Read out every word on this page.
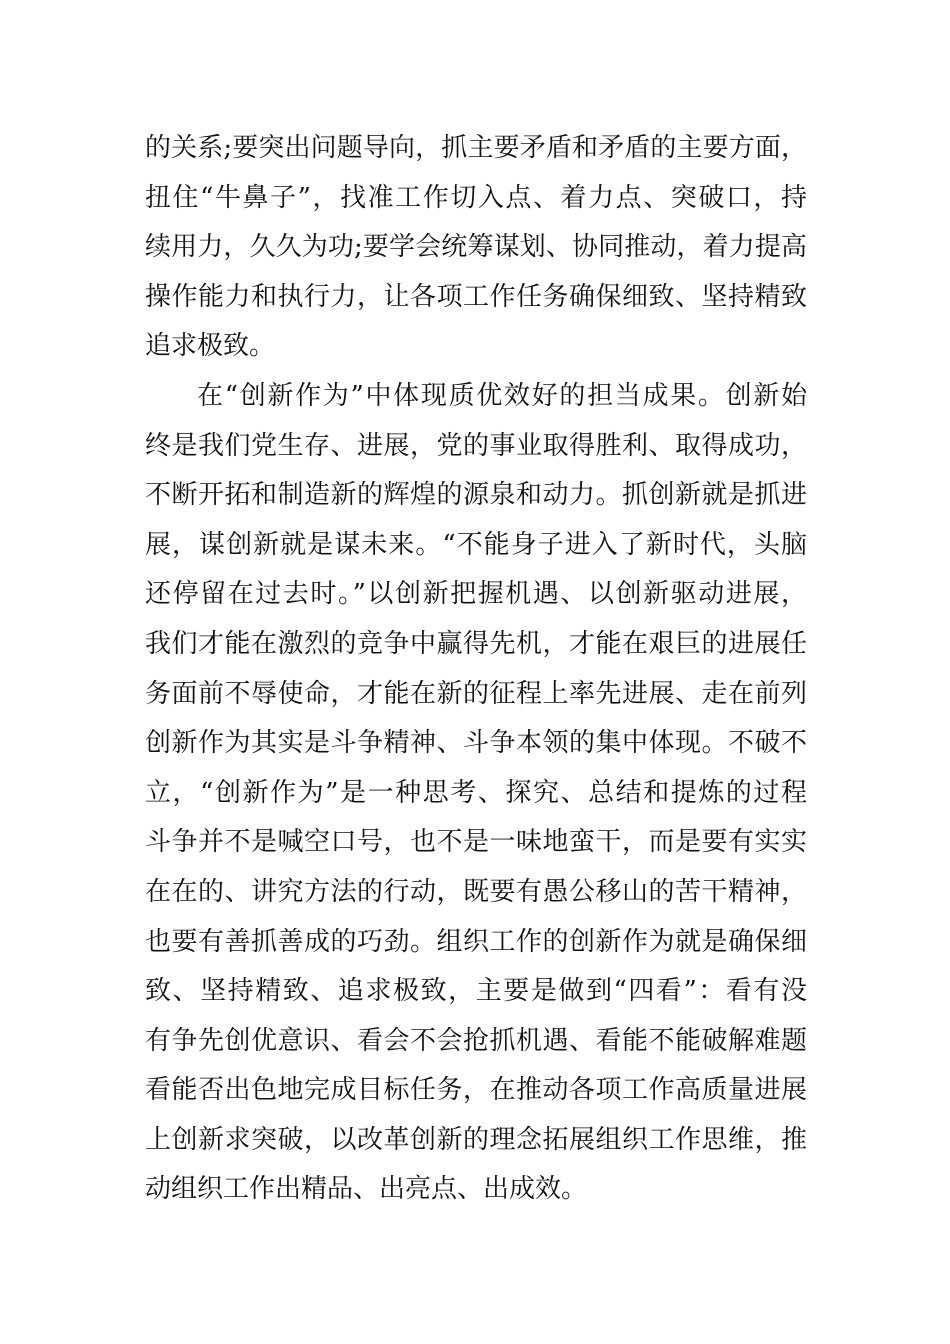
的关系;要突出问题导向，抓主要矛盾和矛盾的主要方面，
扭住“牛鼻子”，找准工作切入点、着力点、突破口，持
续用力，久久为功;要学会统筹谋划、协同推动，着力提高
操作能力和执行力，让各项工作任务确保细致、坚持精致
追求极致。
在“创新作为”中体现质优效好的担当成果。创新始
终是我们党生存、进展，党的事业取得胜利、取得成功，
不断开拓和制造新的辉煌的源泉和动力。抓创新就是抓进
展，谋创新就是谋未来。“不能身子进入了新时代，头脑
还停留在过去时。”以创新把握机遇、以创新驱动进展，
我们才能在激烈的竞争中赢得先机，才能在艰巨的进展任
务面前不辱使命，才能在新的征程上率先进展、走在前列
创新作为其实是斗争精神、斗争本领的集中体现。不破不
立，“创新作为”是一种思考、探究、总结和提炼的过程
斗争并不是喊空口号，也不是一味地蛮干，而是要有实实
在在的、讲究方法的行动，既要有愚公移山的苦干精神，
也要有善抓善成的巧劲。组织工作的创新作为就是确保细
致、坚持精致、追求极致，主要是做到“四看”：看有没
有争先创优意识、看会不会抢抓机遇、看能不能破解难题
看能否出色地完成目标任务，在推动各项工作高质量进展
上创新求突破，以改革创新的理念拓展组织工作思维，推
动组织工作出精品、出亮点、出成效。
